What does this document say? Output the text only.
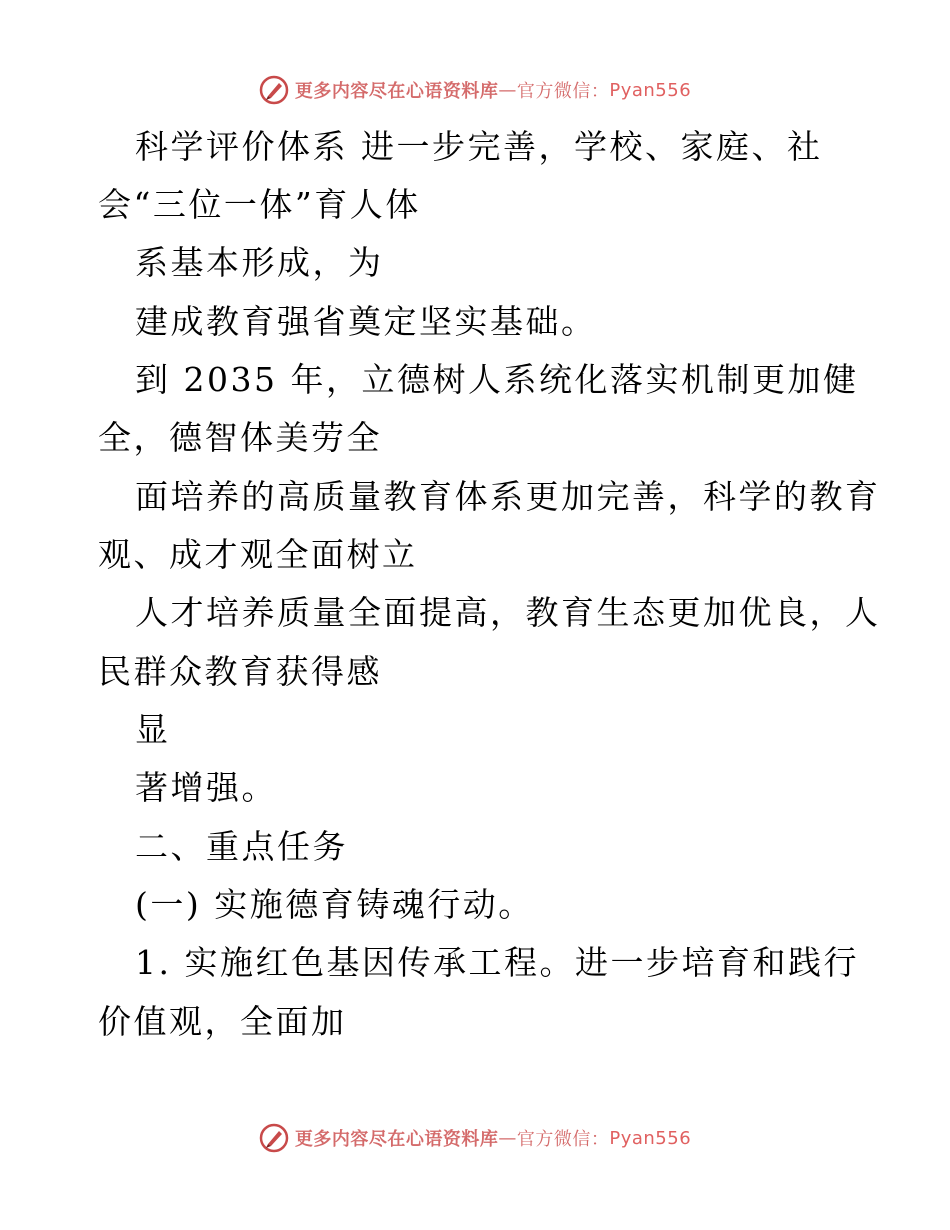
更多内容尽在心语资料库 — 官方微信： Pyan556
科学评价体系 进一步完善，学校、家庭、社
会“三位一体”育人体
系基本形成，为
建成教育强省奠定坚实基础。
到 2035 年，立德树人系统化落实机制更加健
全，德智体美劳全
面培养的高质量教育体系更加完善，科学的教育
观、成才观全面树立
人才培养质量全面提高，教育生态更加优良，人
民群众教育获得感
显
著增强。
二、重点任务
(一) 实施德育铸魂行动。
1. 实施红色基因传承工程。进一步培育和践行
价值观，全面加
更多内容尽在心语资料库 — 官方微信： Pyan556
